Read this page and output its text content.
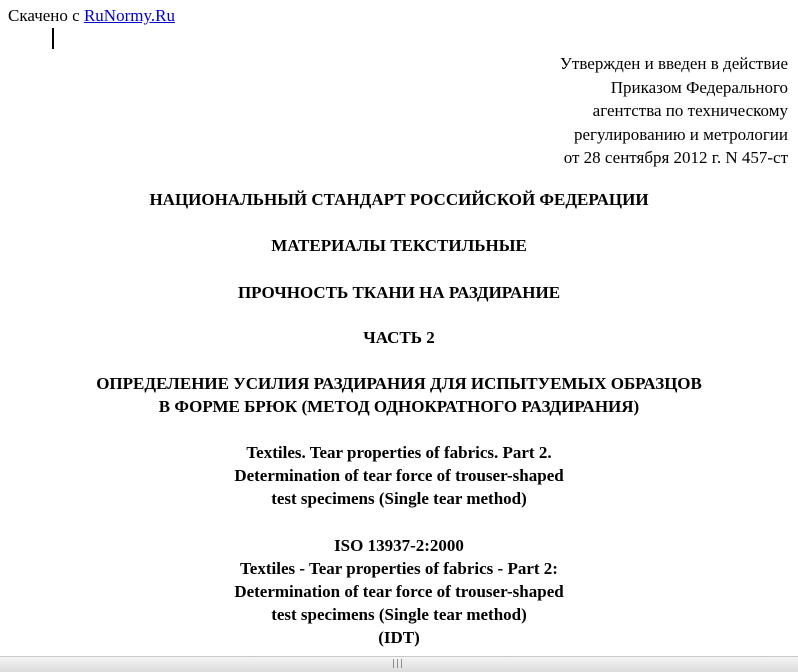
Скачено с RuNormy.Ru
Утвержден и введен в действие
Приказом Федерального
агентства по техническому
регулированию и метрологии
от 28 сентября 2012 г. N 457-ст
НАЦИОНАЛЬНЫЙ СТАНДАРТ РОССИЙСКОЙ ФЕДЕРАЦИИ
МАТЕРИАЛЫ ТЕКСТИЛЬНЫЕ
ПРОЧНОСТЬ ТКАНИ НА РАЗДИРАНИЕ
ЧАСТЬ 2
ОПРЕДЕЛЕНИЕ УСИЛИЯ РАЗДИРАНИЯ ДЛЯ ИСПЫТУЕМЫХ ОБРАЗЦОВ
В ФОРМЕ БРЮК (МЕТОД ОДНОКРАТНОГО РАЗДИРАНИЯ)
Textiles. Tear properties of fabrics. Part 2.
Determination of tear force of trouser-shaped
test specimens (Single tear method)
ISO 13937-2:2000
Textiles - Tear properties of fabrics - Part 2:
Determination of tear force of trouser-shaped
test specimens (Single tear method)
(IDT)
|||
